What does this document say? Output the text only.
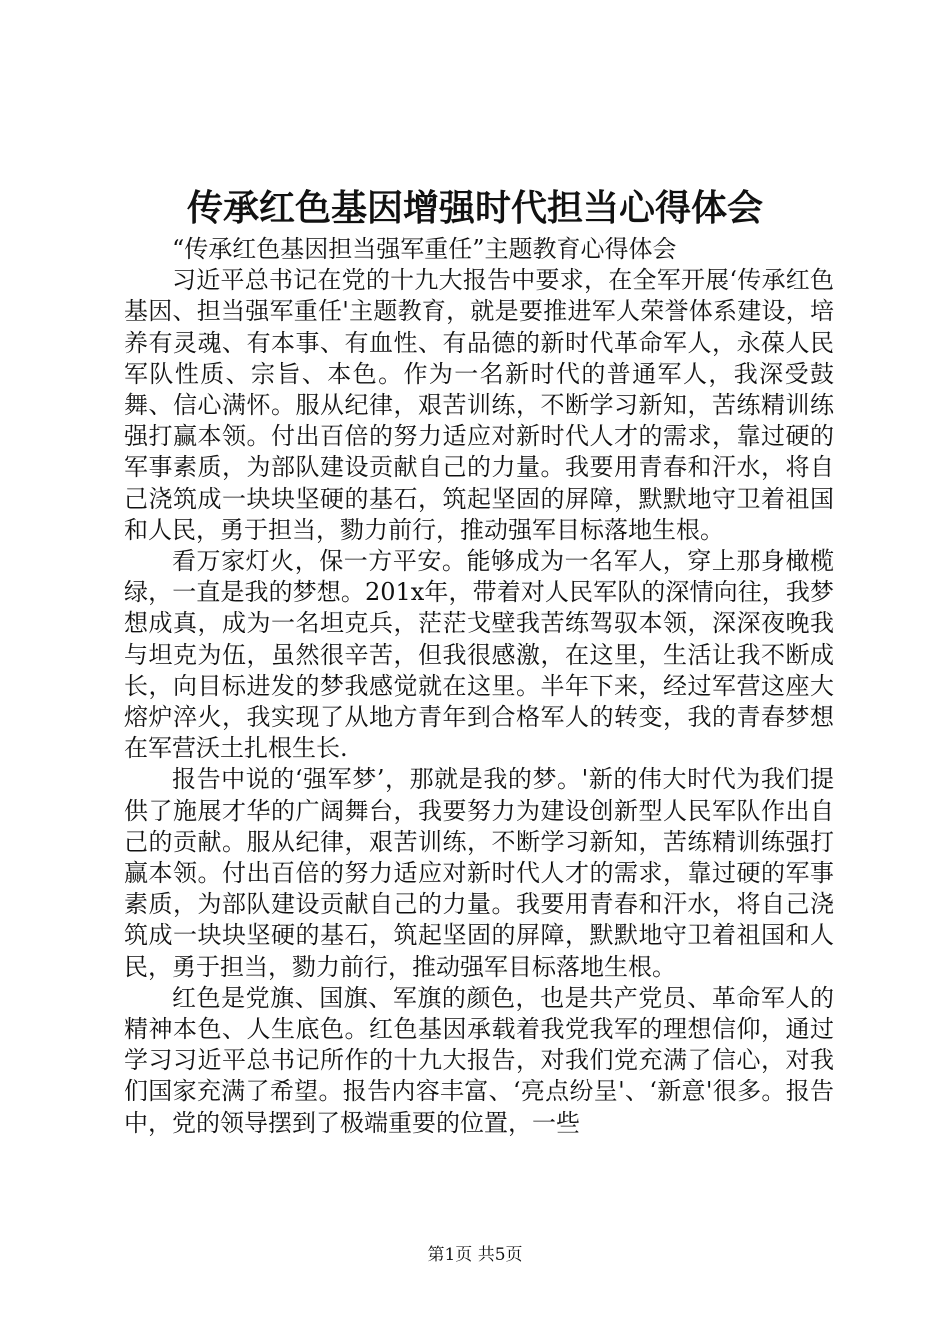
传承红色基因增强时代担当心得体会

“传承红色基因担当强军重任”主题教育心得体会

习近平总书记在党的十九大报告中要求，在全军开展‘传承红色基因、担当强军重任'主题教育，就是要推进军人荣誉体系建设，培养有灵魂、有本事、有血性、有品德的新时代革命军人，永葆人民军队性质、宗旨、本色。作为一名新时代的普通军人，我深受鼓舞、信心满怀。服从纪律，艰苦训练，不断学习新知，苦练精训练强打赢本领。付出百倍的努力适应对新时代人才的需求，靠过硬的军事素质，为部队建设贡献自己的力量。我要用青春和汗水，将自己浇筑成一块块坚硬的基石，筑起坚固的屏障，默默地守卫着祖国和人民，勇于担当，勠力前行，推动强军目标落地生根。

看万家灯火，保一方平安。能够成为一名军人，穿上那身橄榄绿，一直是我的梦想。201x年，带着对人民军队的深情向往，我梦想成真，成为一名坦克兵，茫茫戈壁我苦练驾驭本领，深深夜晚我与坦克为伍，虽然很辛苦，但我很感激，在这里，生活让我不断成长，向目标进发的梦我感觉就在这里。半年下来，经过军营这座大熔炉淬火，我实现了从地方青年到合格军人的转变，我的青春梦想在军营沃土扎根生长.

报告中说的‘强军梦’，那就是我的梦。'新的伟大时代为我们提供了施展才华的广阔舞台，我要努力为建设创新型人民军队作出自己的贡献。服从纪律，艰苦训练，不断学习新知，苦练精训练强打赢本领。付出百倍的努力适应对新时代人才的需求，靠过硬的军事素质，为部队建设贡献自己的力量。我要用青春和汗水，将自己浇筑成一块块坚硬的基石，筑起坚固的屏障，默默地守卫着祖国和人民，勇于担当，勠力前行，推动强军目标落地生根。

红色是党旗、国旗、军旗的颜色，也是共产党员、革命军人的精神本色、人生底色。红色基因承载着我党我军的理想信仰，通过学习习近平总书记所作的十九大报告，对我们党充满了信心，对我们国家充满了希望。报告内容丰富、‘亮点纷呈'、‘新意'很多。报告中，党的领导摆到了极端重要的位置，一些

第1页 共5页
